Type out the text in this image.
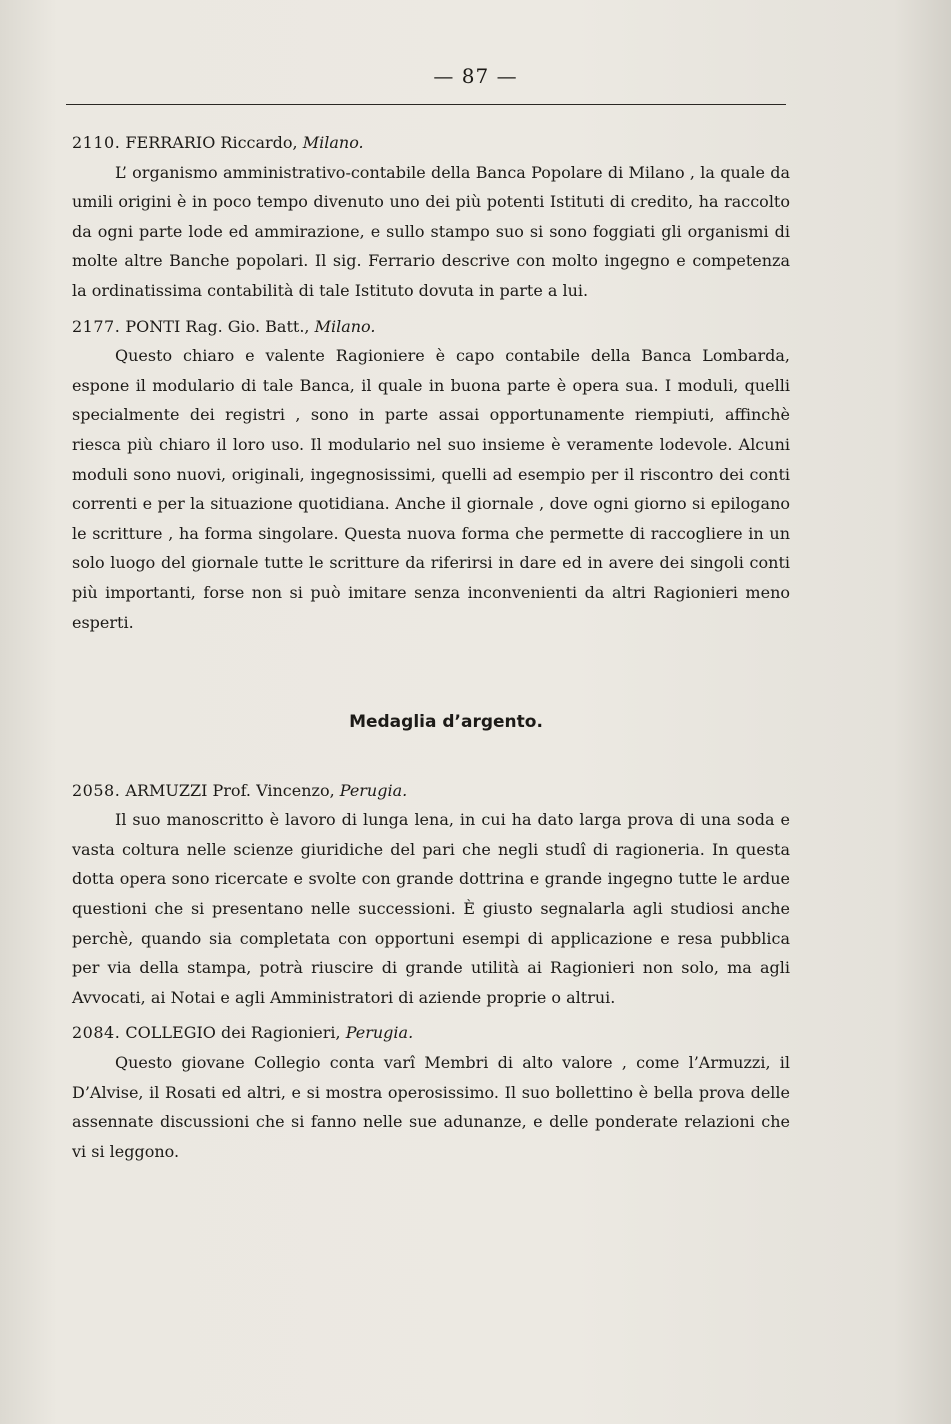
— 87 —

2110. FERRARIO Riccardo, Milano.

L’ organismo amministrativo-contabile della Banca Popolare di Milano , la quale da umili origini è in poco tempo divenuto uno dei più potenti Istituti di credito, ha raccolto da ogni parte lode ed ammirazione, e sullo stampo suo si sono foggiati gli organismi di molte altre Banche popolari. Il sig. Ferrario descrive con molto ingegno e competenza la ordinatissima contabilità di tale Istituto dovuta in parte a lui.

2177. PONTI Rag. Gio. Batt., Milano.

Questo chiaro e valente Ragioniere è capo contabile della Banca Lombarda, espone il modulario di tale Banca, il quale in buona parte è opera sua. I moduli, quelli specialmente dei registri , sono in parte assai opportunamente riempiuti, affinchè riesca più chiaro il loro uso. Il modulario nel suo insieme è veramente lodevole. Alcuni moduli sono nuovi, originali, ingegnosissimi, quelli ad esempio per il riscontro dei conti correnti e per la situazione quotidiana. Anche il giornale , dove ogni giorno si epilogano le scritture , ha forma singolare. Questa nuova forma che permette di raccogliere in un solo luogo del giornale tutte le scritture da riferirsi in dare ed in avere dei singoli conti più importanti, forse non si può imitare senza inconvenienti da altri Ragionieri meno esperti.

Medaglia d’argento.

2058. ARMUZZI Prof. Vincenzo, Perugia.

Il suo manoscritto è lavoro di lunga lena, in cui ha dato larga prova di una soda e vasta coltura nelle scienze giuridiche del pari che negli studî di ragioneria. In questa dotta opera sono ricercate e svolte con grande dottrina e grande ingegno tutte le ardue questioni che si presentano nelle successioni. È giusto segnalarla agli studiosi anche perchè, quando sia completata con opportuni esempi di applicazione e resa pubblica per via della stampa, potrà riuscire di grande utilità ai Ragionieri non solo, ma agli Avvocati, ai Notai e agli Amministratori di aziende proprie o altrui.

2084. COLLEGIO dei Ragionieri, Perugia.

Questo giovane Collegio conta varî Membri di alto valore , come l’Armuzzi, il D’Alvise, il Rosati ed altri, e si mostra operosissimo. Il suo bollettino è bella prova delle assennate discussioni che si fanno nelle sue adunanze, e delle ponderate relazioni che vi si leggono.
